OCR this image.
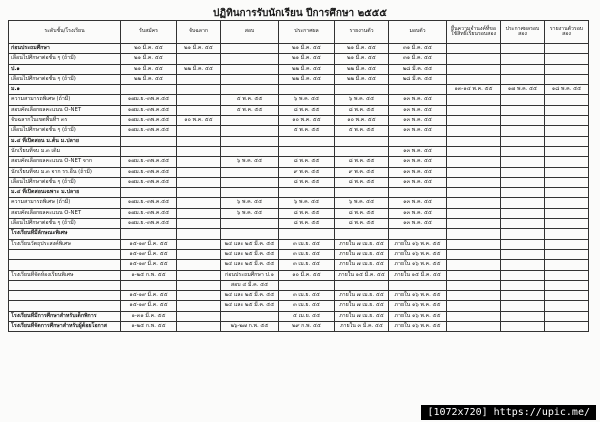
ปฏิทินการรับนักเรียน ปีการศึกษา ๒๕๕๕
ระดับชั้น/โรงเรียน	รับสมัคร	จับฉลาก	สอบ	ประกาศผล	รายงานตัว	มอบตัว	ยื่นความจำนงค์ที่ขอใช้สิทธิ์เรียนรอบสอง	ประกาศผลรอบสอง	รายงานตัวรอบสอง
ก่อนประถมศึกษา	๒๐ มี.ค. ๕๕	๒๑ มี.ค. ๕๕		๒๑ มี.ค. ๕๕	๒๑ มี.ค. ๕๕	๓๑ มี.ค. ๕๕			
เลื่อนไปศึกษาต่อชั้น ๆ (ถ้ามี)	๒๑ มี.ค. ๕๕			๒๑ มี.ค. ๕๕	๒๑ มี.ค. ๕๕	๓๑ มี.ค. ๕๕			
ป.๑	๒๑ มี.ค. ๕๕	๒๒ มี.ค. ๕๕		๒๒ มี.ค. ๕๕	๒๒ มี.ค. ๕๕	๒๘ มี.ค. ๕๕			
เลื่อนไปศึกษาต่อชั้น ๆ (ถ้ามี)	๒๒ มี.ค. ๕๕			๒๒ มี.ค. ๕๕	๒๒ มี.ค. ๕๕	๒๘ มี.ค. ๕๕			
ม.๑							๑๓-๑๔ พ.ค. ๕๕	๑๗ พ.ค. ๕๕	๑๘ พ.ค. ๕๕
ความสามารถพิเศษ (ถ้ามี)	๑๗ม.ย.-๓พ.ค.๕๕		๕ พ.ค. ๕๕	๖ พ.ค. ๕๕	๖ พ.ค. ๕๕	๑๓ พ.ค. ๕๕			
สอบคัดเลือกผลคะแนน O-NET	๑๗ม.ย.-๓พ.ค.๕๕		๕ พ.ค. ๕๕	๘ พ.ค. ๕๕	๘ พ.ค. ๕๕	๑๓ พ.ค. ๕๕			
จับฉลากในเขตพื้นที่ฯ ๓ร	๑๗ม.ย.-๓พ.ค.๕๕	๑๐ พ.ค. ๕๕		๑๐ พ.ค. ๕๕	๑๐ พ.ค. ๕๕	๑๓ พ.ค. ๕๕			
เลื่อนไปศึกษาต่อชั้น ๆ (ถ้ามี)	๑๗ม.ย.-๓พ.ค.๕๕			๕ พ.ค. ๕๕	๕ พ.ค. ๕๕	๑๓ พ.ค. ๕๕			
ม.๔ ที่เปิดสอน ม.ต้น ม.ปลาย									
นักเรียนที่จบ ม.๓ เดิม						๑๓ พ.ค. ๕๕			
สอบคัดเลือกผลคะแนน O-NET จาก	๑๗ม.ย.-๓พ.ค.๕๕		๖ พ.ค. ๕๕	๘ พ.ค. ๕๕	๘ พ.ค. ๕๕	๑๓ พ.ค. ๕๕			
นักเรียนที่จบ ม.๓ จาก รร.อื่น (ถ้ามี)	๑๗ม.ย.-๓พ.ค.๕๕			๙ พ.ค. ๕๕	๙ พ.ค. ๕๕	๑๓ พ.ค. ๕๕			
เลื่อนไปศึกษาต่อชั้น ๆ (ถ้ามี)	๑๗ม.ย.-๓พ.ค.๕๕			๘ พ.ค. ๕๕	๘ พ.ค. ๕๕	๑๓ พ.ค. ๕๕			
ม.๔ ที่เปิดสอนเฉพาะ ม.ปลาย									
ความสามารถพิเศษ (ถ้ามี)	๑๗ม.ย.-๓พ.ค.๕๕		๖ พ.ค. ๕๕	๖ พ.ค. ๕๕	๖ พ.ค. ๕๕	๑๓ พ.ค. ๕๕			
สอบคัดเลือกผลคะแนน O-NET	๑๗ม.ย.-๓พ.ค.๕๕		๖ พ.ค. ๕๕	๘ พ.ค. ๕๕	๘ พ.ค. ๕๕	๑๓ พ.ค. ๕๕			
เลื่อนไปศึกษาต่อชั้น ๆ (ถ้ามี)	๑๗ม.ย.-๓พ.ค.๕๕			๘ พ.ค. ๕๕	๘ พ.ค. ๕๕	๑๓ พ.ค. ๕๕			
โรงเรียนที่มีลักษณะพิเศษ									
โรงเรียนวัตถุประสงค์พิเศษ	๑๕-๑๙ มี.ค. ๕๕		๒๔ และ ๒๕ มี.ค. ๕๕	๓ เม.ย. ๕๕	ภายใน ๗ เม.ย. ๕๕	ภายใน ๑๖ พ.ค. ๕๕			
	๑๕-๑๙ มี.ค. ๕๕		๒๔ และ ๒๕ มี.ค. ๕๕	๓ เม.ย. ๕๕	ภายใน ๗ เม.ย. ๕๕	ภายใน ๑๖ พ.ค. ๕๕			
	๑๕-๑๙ มี.ค. ๕๕		๒๔ และ ๒๕ มี.ค. ๕๕	๓ เม.ย. ๕๕	ภายใน ๗ เม.ย. ๕๕	ภายใน ๑๖ พ.ค. ๕๕			
โรงเรียนที่จัดห้องเรียนพิเศษ	๑-๒๕ ก.พ. ๕๕		ก่อนประถมศึกษา ป.๑	๑๐ มี.ค. ๕๕	ภายใน ๑๕ มี.ค. ๕๕	ภายใน ๑๕ มี.ค. ๕๕			
			สอบ ๔ มี.ค. ๕๕						
	๑๕-๑๙ มี.ค. ๕๕		๒๔ และ ๒๕ มี.ค. ๕๕	๓ เม.ย. ๕๕	ภายใน ๗ เม.ย. ๕๕	ภายใน ๑๖ พ.ค. ๕๕			
	๑๕-๑๙ มี.ค. ๕๕		๒๔ และ ๒๕ มี.ค. ๕๕	๓ เม.ย. ๕๕	ภายใน ๗ เม.ย. ๕๕	ภายใน ๑๖ พ.ค. ๕๕			
โรงเรียนที่มีการศึกษาสำหรับเด็กพิการ	๑-๓๑ มี.ค. ๕๕			๕ เม.ย. ๕๕	ภายใน ๗ เม.ย. ๕๕	ภายใน ๑๖ พ.ค. ๕๕			
โรงเรียนที่จัดการศึกษาสำหรับผู้ด้อยโอกาส	๑-๒๕ ก.พ. ๕๕		๒๖-๒๗ ก.พ. ๕๕	๒๙ ก.พ. ๕๕	ภายใน ๓ มี.ค. ๕๕	ภายใน ๑๖ พ.ค. ๕๕			
[1072x720] https://upic.me/
